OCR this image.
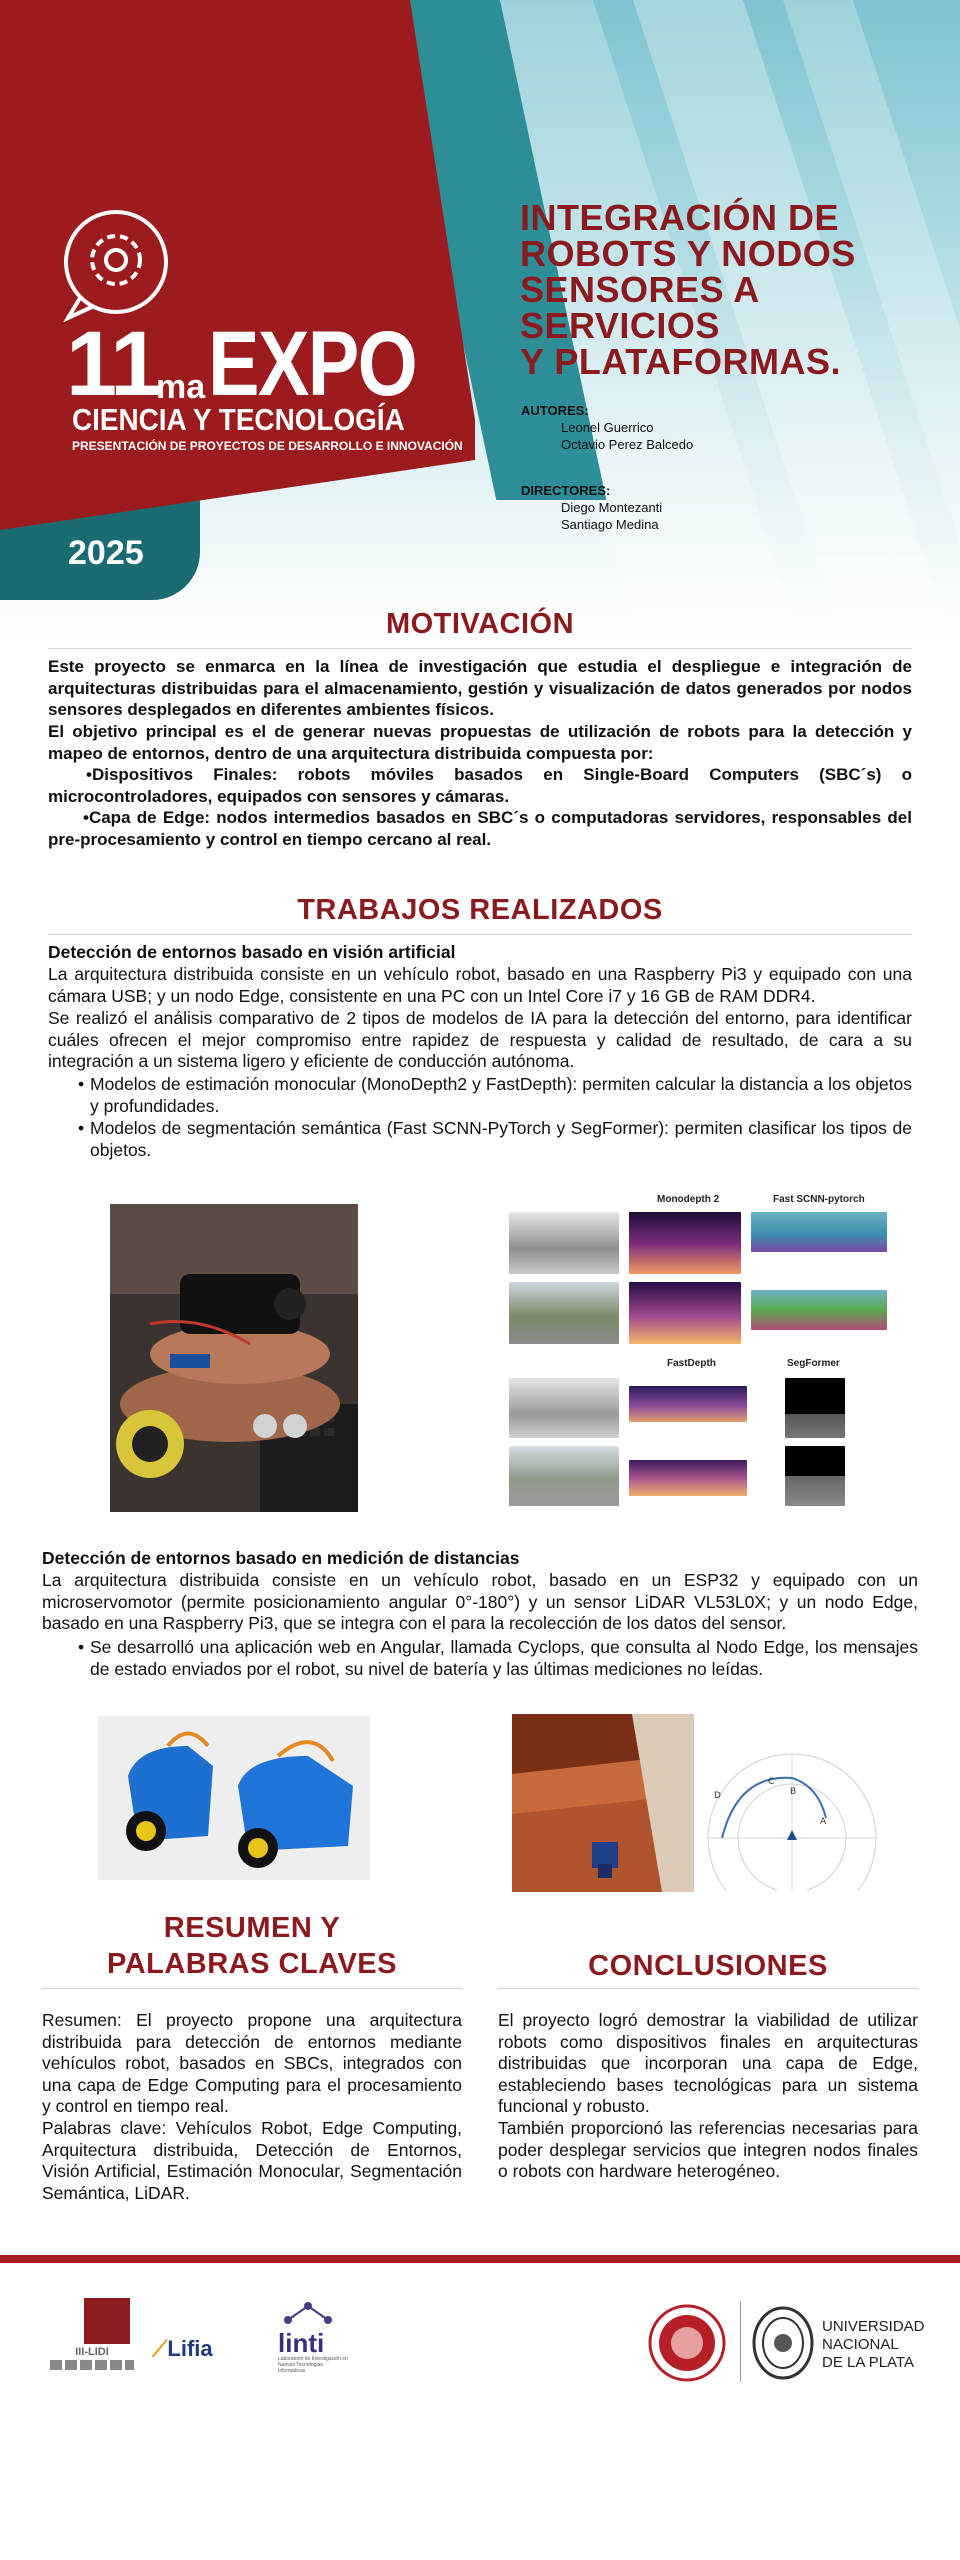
11
ma EXPO
CIENCIA Y TECNOLOGÍA
PRESENTACIÓN DE PROYECTOS DE DESARROLLO E INNOVACIÓN
2025
INTEGRACIÓN DE
ROBOTS Y NODOS
SENSORES A
SERVICIOS
Y PLATAFORMAS.
AUTORES:
Leonel Guerrico
Octavio Perez Balcedo
DIRECTORES:
Diego Montezanti
Santiago Medina
MOTIVACIÓN
Este proyecto se enmarca en la línea de investigación que estudia el despliegue e integración de arquitecturas distribuidas para el almacenamiento, gestión y visualización de datos generados por nodos sensores desplegados en diferentes ambientes físicos.
El objetivo principal es el de generar nuevas propuestas de utilización de robots para la detección y mapeo de entornos, dentro de una arquitectura distribuida compuesta por:
•Dispositivos Finales: robots móviles basados en Single-Board Computers (SBC´s) o microcontroladores, equipados con sensores y cámaras.
•Capa de Edge: nodos intermedios basados en SBC´s o computadoras servidores, responsables del pre-procesamiento y control en tiempo cercano al real.
TRABAJOS REALIZADOS
Detección de entornos basado en visión artificial
La arquitectura distribuida consiste en un vehículo robot, basado en una Raspberry Pi3 y equipado con una cámara USB; y un nodo Edge, consistente en una PC con un Intel Core i7 y 16 GB de RAM DDR4.
Se realizó el análisis comparativo de 2 tipos de modelos de IA para la detección del entorno, para identificar cuáles ofrecen el mejor compromiso entre rapidez de respuesta y calidad de resultado, de cara a su integración a un sistema ligero y eficiente de conducción autónoma.
• Modelos de estimación monocular (MonoDepth2 y FastDepth): permiten calcular la distancia a los objetos y profundidades.
• Modelos de segmentación semántica (Fast SCNN-PyTorch y SegFormer): permiten clasificar los tipos de objetos.
Monodepth 2	Fast SCNN-pytorch
FastDepth	SegFormer
Detección de entornos basado en medición de distancias
La arquitectura distribuida consiste en un vehículo robot, basado en un ESP32 y equipado con un microservomotor (permite posicionamiento angular 0°-180°) y un sensor LiDAR VL53L0X; y un nodo Edge, basado en una Raspberry Pi3, que se integra con el para la recolección de los datos del sensor.
• Se desarrolló una aplicación web en Angular, llamada Cyclops, que consulta al Nodo Edge, los mensajes de estado enviados por el robot, su nivel de batería y las últimas mediciones no leídas.
D
C
B
A
RESUMEN Y
PALABRAS CLAVES
Resumen: El proyecto propone una arquitectura distribuida para detección de entornos mediante vehículos robot, basados en SBCs, integrados con una capa de Edge Computing para el procesamiento y control en tiempo real.
Palabras clave: Vehículos Robot, Edge Computing, Arquitectura distribuida, Detección de Entornos, Visión Artificial, Estimación Monocular, Segmentación Semántica, LiDAR.
CONCLUSIONES
El proyecto logró demostrar la viabilidad de utilizar robots como dispositivos finales en arquitecturas distribuidas que incorporan una capa de Edge, estableciendo bases tecnológicas para un sistema funcional y robusto.
También proporcionó las referencias necesarias para poder desplegar servicios que integren nodos finales o robots con hardware heterogéneo.
III-LIDI	⟋Lifia	linti
Laboratorio de Investigación en Nuevas Tecnologías Informáticas
UNIVERSIDAD
NACIONAL
DE LA PLATA
